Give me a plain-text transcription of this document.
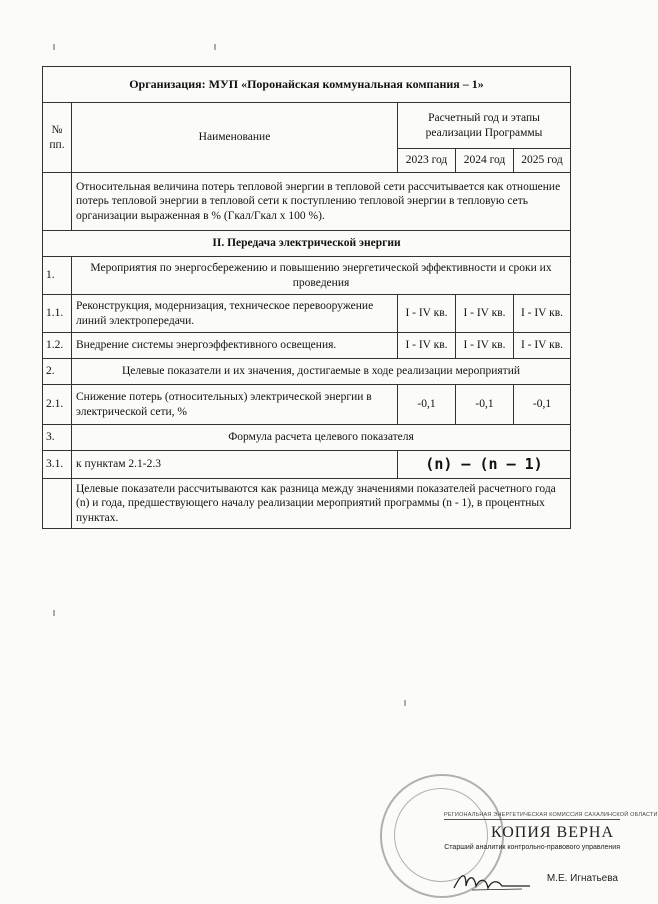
Организация: МУП «Поронайская коммунальная компания – 1»				
№ пп.	Наименование	Расчетный год и этапы реализации Программы		
		2023 год	2024 год	2025 год
	Относительная величина потерь тепловой энергии в тепловой сети рассчитывается как отношение потерь тепловой энергии в тепловой сети к поступлению тепловой энергии в тепловую сеть организации выраженная в % (Гкал/Гкал х 100 %).			
II. Передача электрической энергии				
1.	Мероприятия по энергосбережению и повышению энергетической эффективности и сроки их проведения			
1.1.	Реконструкция, модернизация, техническое перевооружение линий электропередачи.	I - IV кв.	I - IV кв.	I - IV кв.
1.2.	Внедрение системы энергоэффективного освещения.	I - IV кв.	I - IV кв.	I - IV кв.
2.	Целевые показатели и их значения, достигаемые в ходе реализации мероприятий			
2.1.	Снижение потерь (относительных) электрической энергии в электрической сети, %	-0,1	-0,1	-0,1
3.	Формула расчета целевого показателя			
3.1.	к пунктам 2.1-2.3	(n) – (n – 1)		
	Целевые показатели рассчитываются как разница между значениями показателей расчетного года (n) и года, предшествующего началу реализации мероприятий программы (n - 1), в процентных пунктах.			
РЕГИОНАЛЬНАЯ ЭНЕРГЕТИЧЕСКАЯ КОМИССИЯ САХАЛИНСКОЙ ОБЛАСТИ
КОПИЯ ВЕРНА
Старший аналитик контрольно-правового управления
М.Е. Игнатьева
